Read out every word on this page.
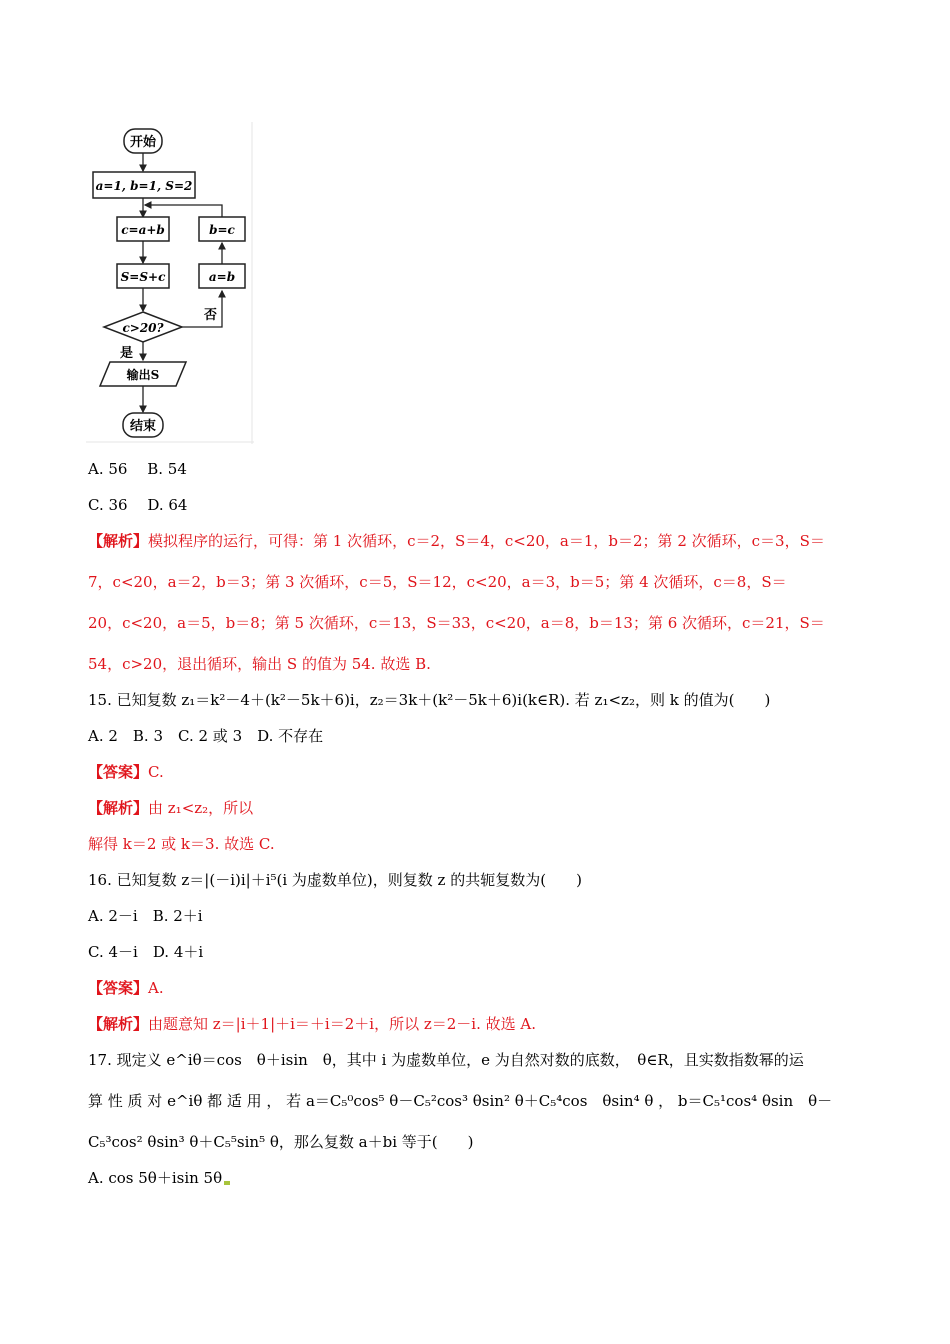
开始
a=1, b=1, S=2
c=a+b
S=S+c
c>20?
否
a=b
b=c
是
输出S
结束
A. 56　 B. 54
C. 36　 D. 64
【解析】模拟程序的运行，可得：第 1 次循环，c＝2，S＝4，c<20，a＝1，b＝2；第 2 次循环，c＝3，S＝
7，c<20，a＝2，b＝3；第 3 次循环，c＝5，S＝12，c<20，a＝3，b＝5；第 4 次循环，c＝8，S＝
20，c<20，a＝5，b＝8；第 5 次循环，c＝13，S＝33，c<20，a＝8，b＝13；第 6 次循环，c＝21，S＝
54，c>20，退出循环，输出 S 的值为 54. 故选 B.
15. 已知复数 z₁＝k²－4＋(k²－5k＋6)i，z₂＝3k＋(k²－5k＋6)i(k∈R). 若 z₁<z₂，则 k 的值为(　　)
A. 2　B. 3　C. 2 或 3　D. 不存在
【答案】C.
【解析】由 z₁<z₂，所以
解得 k＝2 或 k＝3. 故选 C.
16. 已知复数 z＝|(－i)i|＋i⁵(i 为虚数单位)，则复数 z 的共轭复数为(　　)
A. 2－i　B. 2＋i
C. 4－i　D. 4＋i
【答案】A.
【解析】由题意知 z＝|i＋1|＋i＝＋i＝2＋i，所以 z＝2－i. 故选 A.
17. 现定义 e^iθ＝cos　θ＋isin　θ，其中 i 为虚数单位，e 为自然对数的底数，　θ∈R，且实数指数幂的运
算 性 质 对 e^iθ 都 适 用 ， 若 a＝C₅⁰cos⁵ θ－C₅²cos³ θsin² θ＋C₅⁴cos　θsin⁴ θ ， b＝C₅¹cos⁴ θsin　θ－
C₅³cos² θsin³ θ＋C₅⁵sin⁵ θ，那么复数 a＋bi 等于(　　)
A. cos 5θ＋isin 5θ
